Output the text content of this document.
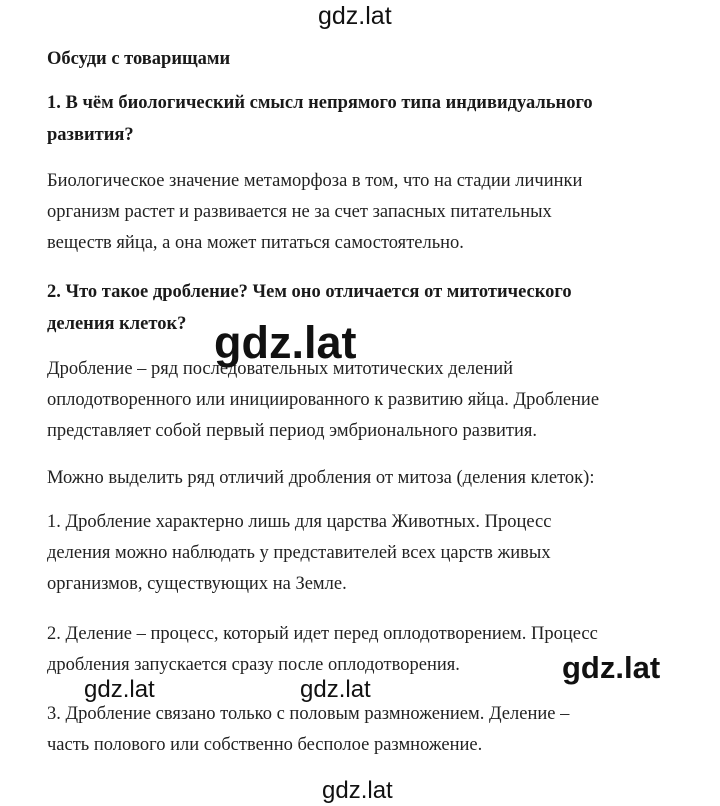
gdz.lat

Обсуди с товарищами

1. В чём биологический смысл непрямого типа индивидуального
развития?

Биологическое значение метаморфоза в том, что на стадии личинки
организм растет и развивается не за счет запасных питательных
веществ яйца, а она может питаться самостоятельно.

2. Что такое дробление? Чем оно отличается от митотического
деления клеток?

Дробление – ряд последовательных митотических делений
оплодотворенного или инициированного к развитию яйца. Дробление
представляет собой первый период эмбрионального развития.

Можно выделить ряд отличий дробления от митоза (деления клеток):

1. Дробление характерно лишь для царства Животных. Процесс
деления можно наблюдать у представителей всех царств живых
организмов, существующих на Земле.

2. Деление – процесс, который идет перед оплодотворением. Процесс
дробления запускается сразу после оплодотворения.

3. Дробление связано только с половым размножением. Деление –
часть полового или собственно бесполое размножение.

gdz.lat
gdz.lat
gdz.lat	gdz.lat
gdz.lat
